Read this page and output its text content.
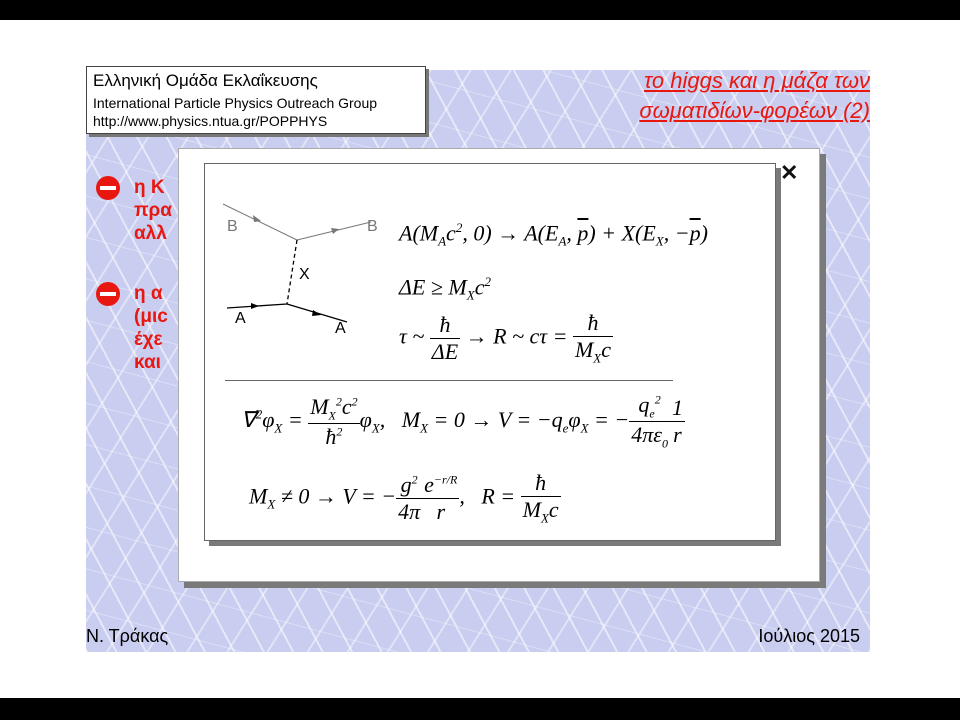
Ελληνική Ομάδα Εκλαΐκευσης
International Particle Physics Outreach Group
http://www.physics.ntua.gr/POPPHYS
το higgs και η μάζα των
σωματιδίων-φορέων (2)
η Κ
πρα
αλλ
η α
(μιc
έχε
και
✕
B	B
X
A
A
$A(M_Ac^2$, $0) \to A(E_A$, $\overline{p}) + X(E_X$, $-\overline{p}$)
$\Delta E \ge M_Xc^2$
τ ~ $\frac{ħ}{\Delta E} \to R$ ~ $c\tau = \frac{ħ}{M_Xc}$
$\nabla⃗^2\varphi_X = \frac{M_X^2c^2}{ħ^2} \varphi_X$,   $M_X = 0 \to V = -q_e\varphi_X$ = − $\frac{q_e^2}{4\pi\varepsilon_0} \frac{1}{r}$
$M_X \ne 0 \to V$ = − $\frac{g^2}{4\pi} \frac{e^{-r/R}}{r}$ ,   $R = \frac{ħ}{M_Xc}$
Ν. Τράκας	Ιούλιος 2015
